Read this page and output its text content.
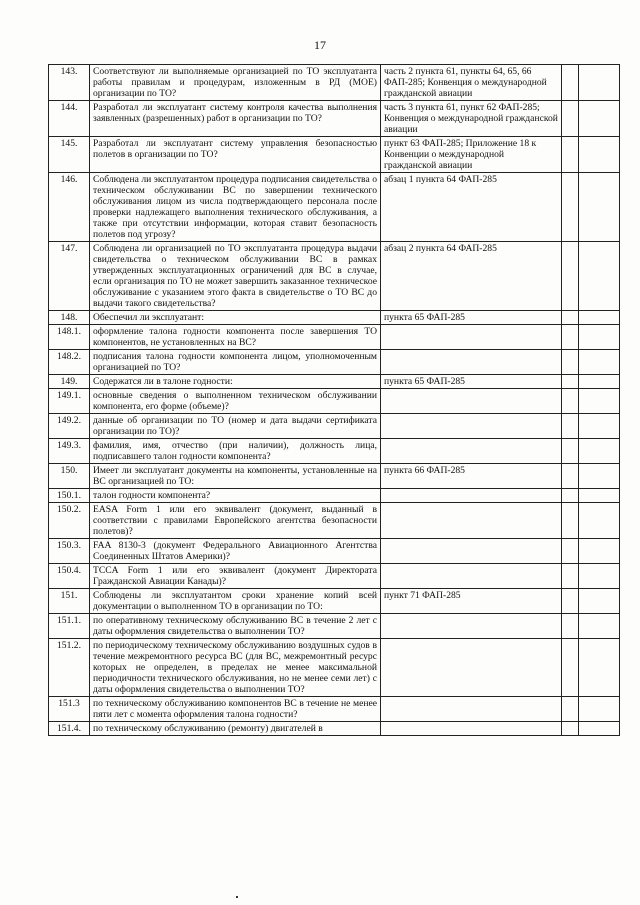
17
143.	Соответствуют ли выполняемые организацией по ТО эксплуатанта работы правилам и процедурам, изложенным в РД (МОЕ) организации по ТО?	часть 2 пункта 61, пункты 64, 65, 66 ФАП-285; Конвенция о международной гражданской авиации		
144.	Разработал ли эксплуатант систему контроля качества выполнения заявленных (разрешенных) работ в организации по ТО?	часть 3 пункта 61, пункт 62 ФАП-285; Конвенция о международной гражданской авиации		
145.	Разработал ли эксплуатант систему управления безопасностью полетов в организации по ТО?	пункт 63 ФАП-285; Приложение 18 к Конвенции о международной гражданской авиации		
146.	Соблюдена ли эксплуатантом процедура подписания свидетельства о техническом обслуживании ВС по завершении технического обслуживания лицом из числа подтверждающего персонала после проверки надлежащего выполнения технического обслуживания, а также при отсутствии информации, которая ставит безопасность полетов под угрозу?	абзац 1 пункта 64 ФАП-285		
147.	Соблюдена ли организацией по ТО эксплуатанта процедура выдачи свидетельства о техническом обслуживании ВС в рамках утвержденных эксплуатационных ограничений для ВС в случае, если организация по ТО не может завершить заказанное техническое обслуживание с указанием этого факта в свидетельстве о ТО ВС до выдачи такого свидетельства?	абзац 2 пункта 64 ФАП-285		
148.	Обеспечил ли эксплуатант:	пункта 65 ФАП-285		
148.1.	оформление талона годности компонента после завершения ТО компонентов, не установленных на ВС?			
148.2.	подписания талона годности компонента лицом, уполномоченным организацией по ТО?			
149.	Содержатся ли в талоне годности:	пункта 65 ФАП-285		
149.1.	основные сведения о выполненном техническом обслуживании компонента, его форме (объеме)?			
149.2.	данные об организации по ТО (номер и дата выдачи сертификата организации по ТО)?			
149.3.	фамилия, имя, отчество (при наличии), должность лица, подписавшего талон годности компонента?			
150.	Имеет ли эксплуатант документы на компоненты, установленные на ВС организацией по ТО:	пункта 66 ФАП-285		
150.1.	талон годности компонента?			
150.2.	EASA Form 1 или его эквивалент (документ, выданный в соответствии с правилами Европейского агентства безопасности полетов)?			
150.3.	FAA 8130-3 (документ Федерального Авиационного Агентства Соединенных Штатов Америки)?			
150.4.	TCCA Form 1 или его эквивалент (документ Директората Гражданской Авиации Канады)?			
151.	Соблюдены ли эксплуатантом сроки хранение копий всей документации о выполненном ТО в организации по ТО:	пункт 71 ФАП-285		
151.1.	по оперативному техническому обслуживанию ВС в течение 2 лет с даты оформления свидетельства о выполнении ТО?			
151.2.	по периодическому техническому обслуживанию воздушных судов в течение межремонтного ресурса ВС (для ВС, межремонтный ресурс которых не определен, в пределах не менее максимальной периодичности технического обслуживания, но не менее семи лет) с даты оформления свидетельства о выполнении ТО?			
151.3	по техническому обслуживанию компонентов ВС в течение не менее пяти лет с момента оформления талона годности?			
151.4.	по техническому обслуживанию (ремонту) двигателей в			
